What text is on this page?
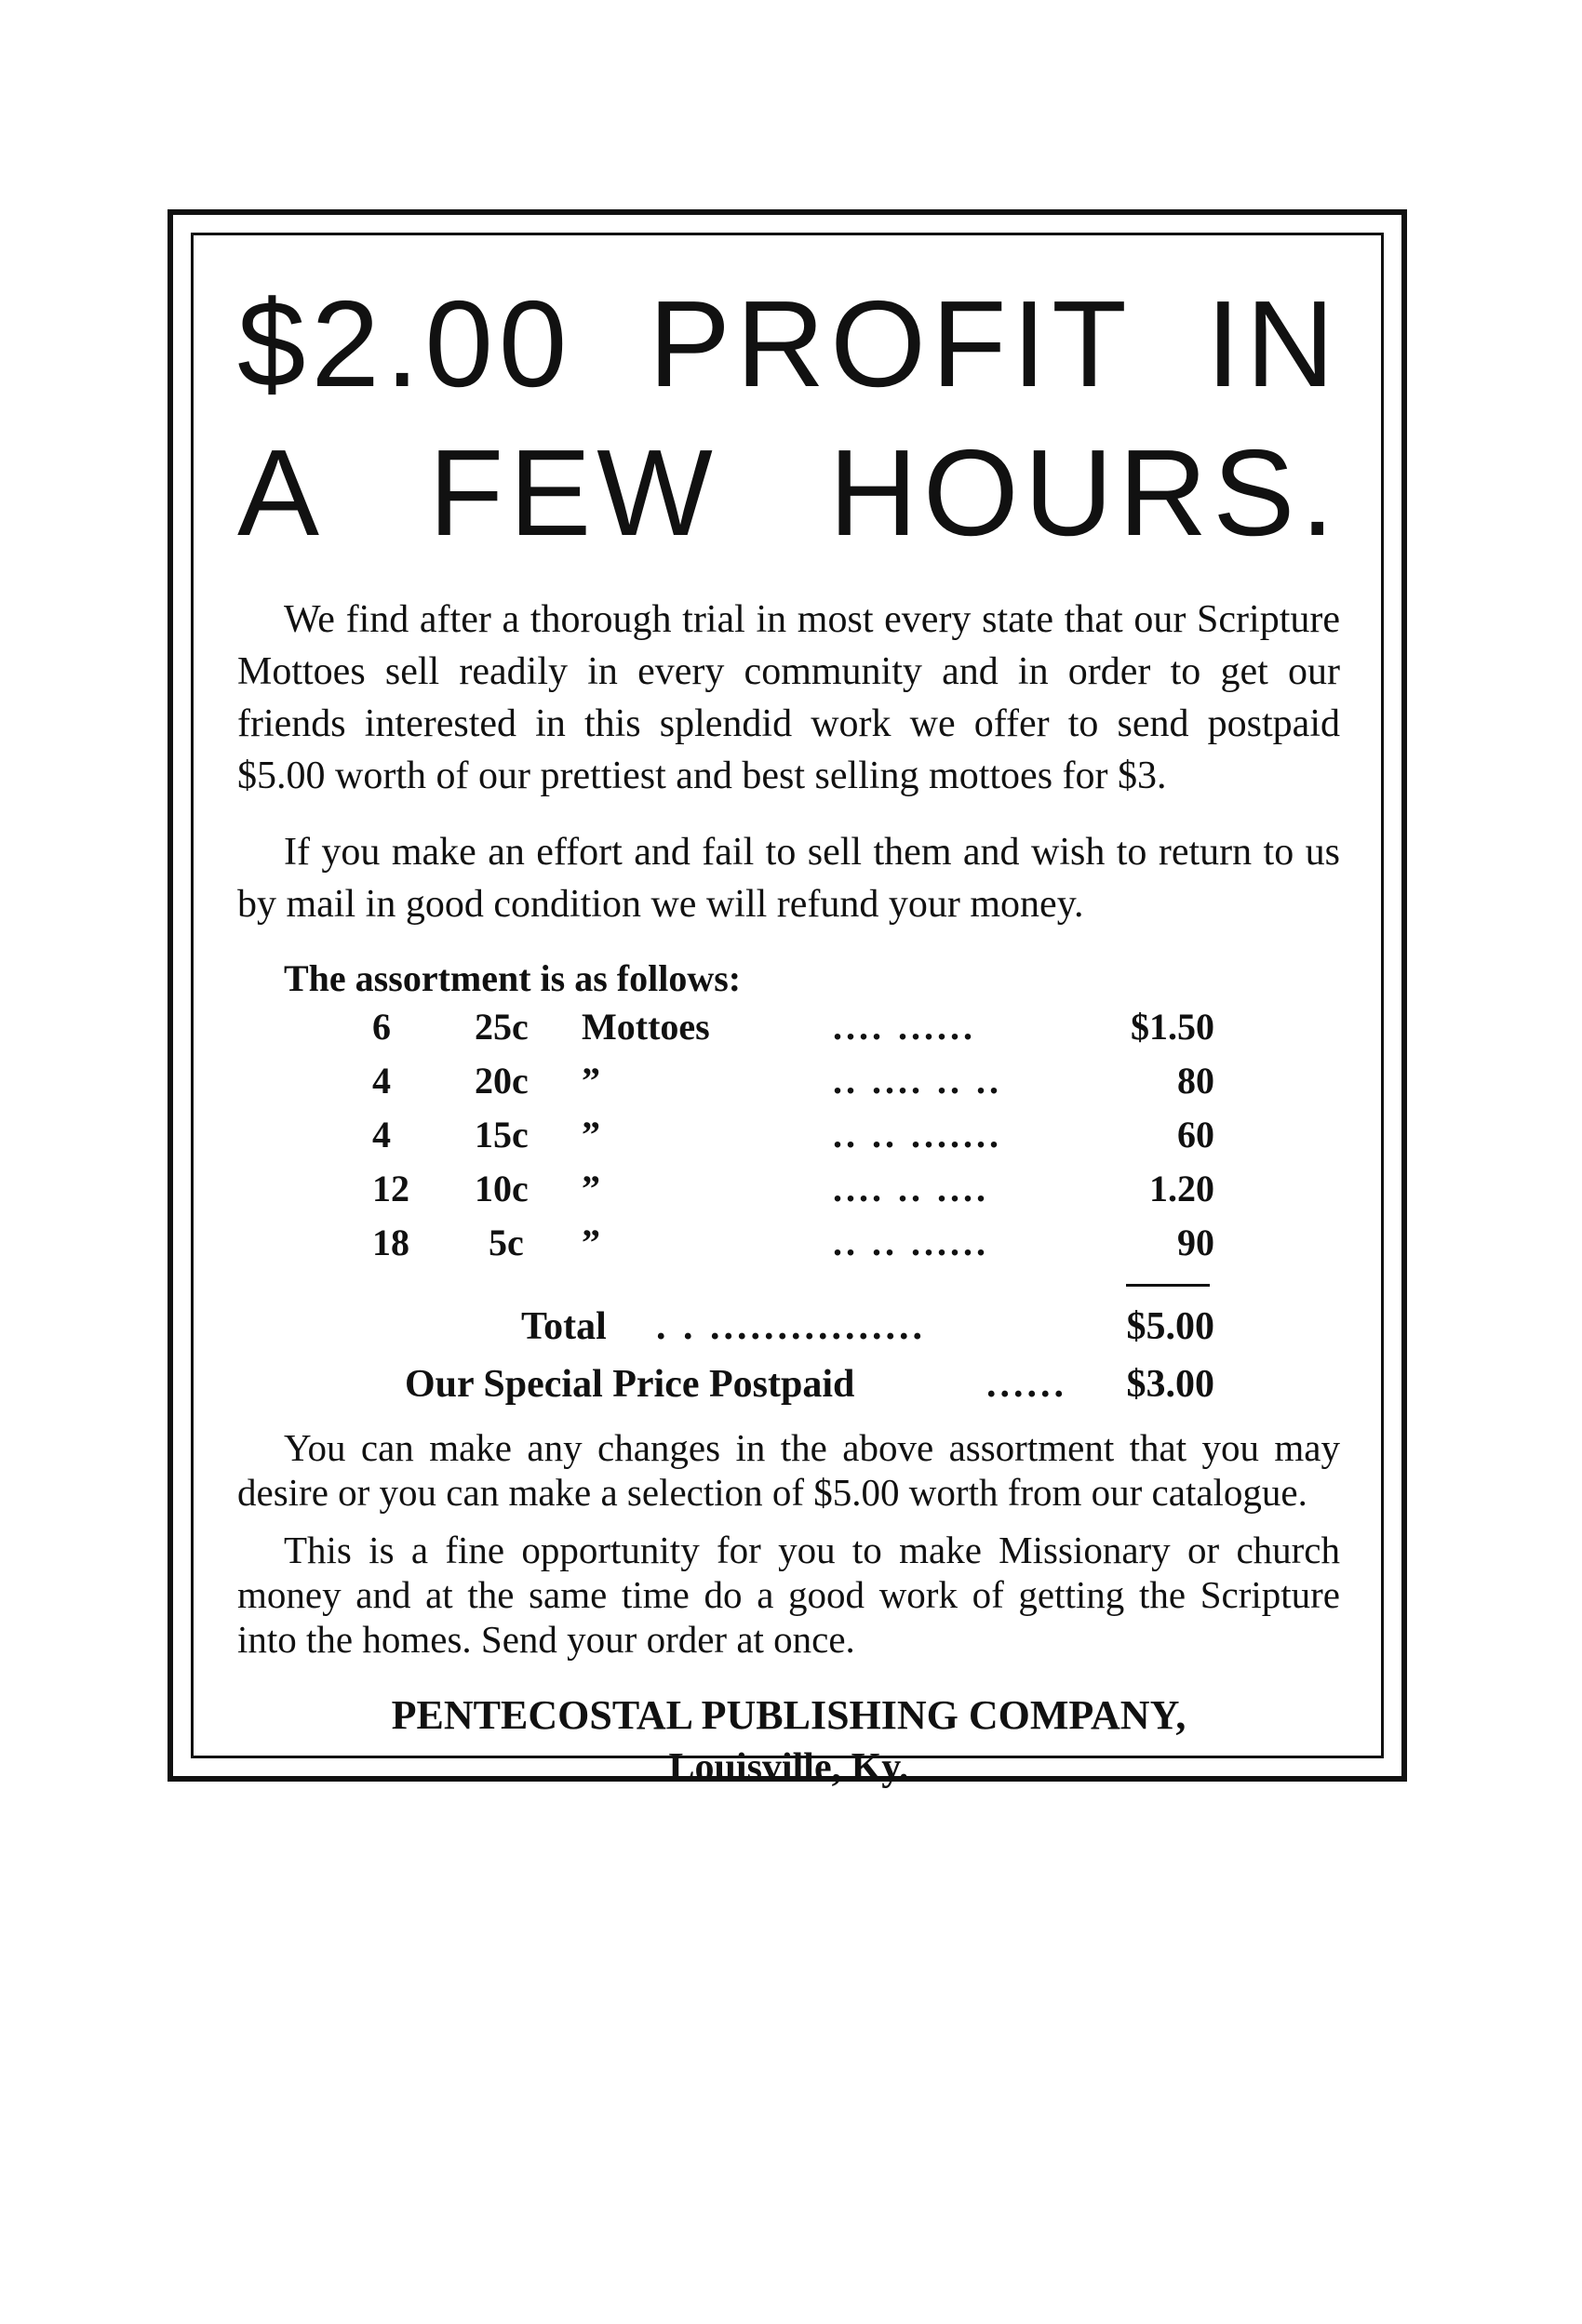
$2.00 PROFIT IN
A FEW HOURS.

We find after a thorough trial in most every state that our Scripture Mottoes sell readily in every community and in order to get our friends interested in this splendid work we offer to send postpaid $5.00 worth of our prettiest and best selling mottoes for $3.

If you make an effort and fail to sell them and wish to return to us by mail in good condition we will refund your money.

The assortment is as follows:

6 25c Mottoes	.... ......	$1.50
4 20c ”	.. .... .. ..	80
4 15c ”	.. .. .......	60
12 10c ”	.... .. ....	1.20
18 5c ”	.. .. ......	90
Total . . ................	$5.00
Our Special Price Postpaid	...... $3.00

You can make any changes in the above assortment that you may desire or you can make a selection of $5.00 worth from our catalogue.

This is a fine opportunity for you to make Missionary or church money and at the same time do a good work of getting the Scripture into the homes. Send your order at once.

PENTECOSTAL PUBLISHING COMPANY,

Louisville, Ky.
